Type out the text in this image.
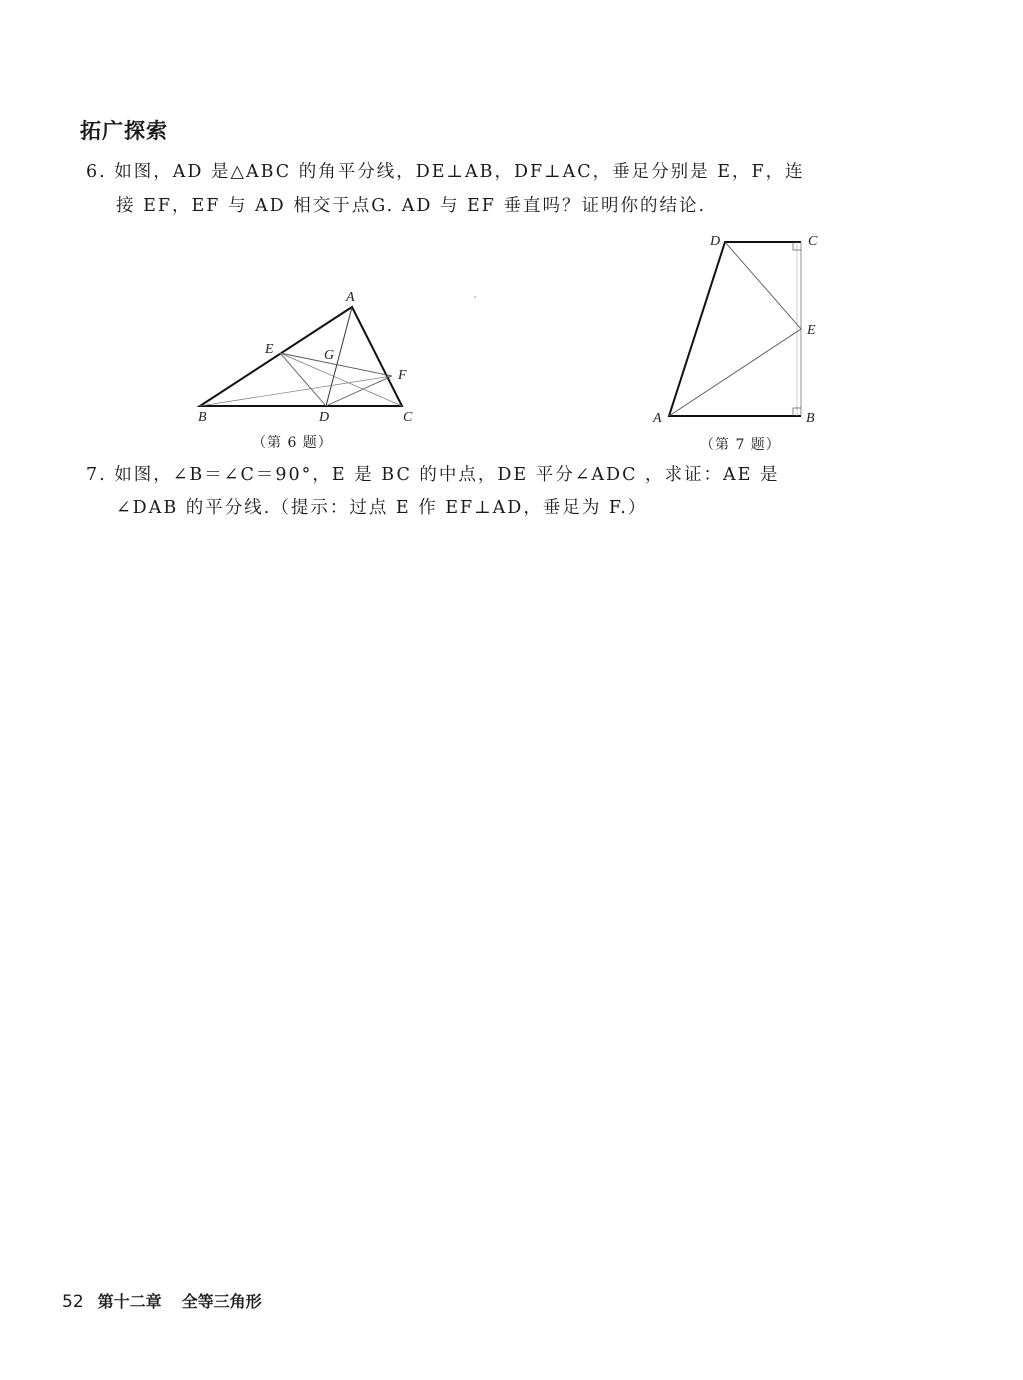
拓广探索
6. 如图，AD 是△ABC 的角平分线，DE⊥AB，DF⊥AC，垂足分别是 E，F，连
接 EF，EF 与 AD 相交于点G. AD 与 EF 垂直吗？证明你的结论.
A
E	G
F
B	D	C
（第 6 题）
D	C
E
A	B
（第 7 题）
7. 如图，∠B＝∠C＝90°，E 是 BC 的中点，DE 平分∠ADC ，求证：AE 是
∠DAB 的平分线.（提示：过点 E 作 EF⊥AD，垂足为 F.）
52 第十二章 全等三角形
